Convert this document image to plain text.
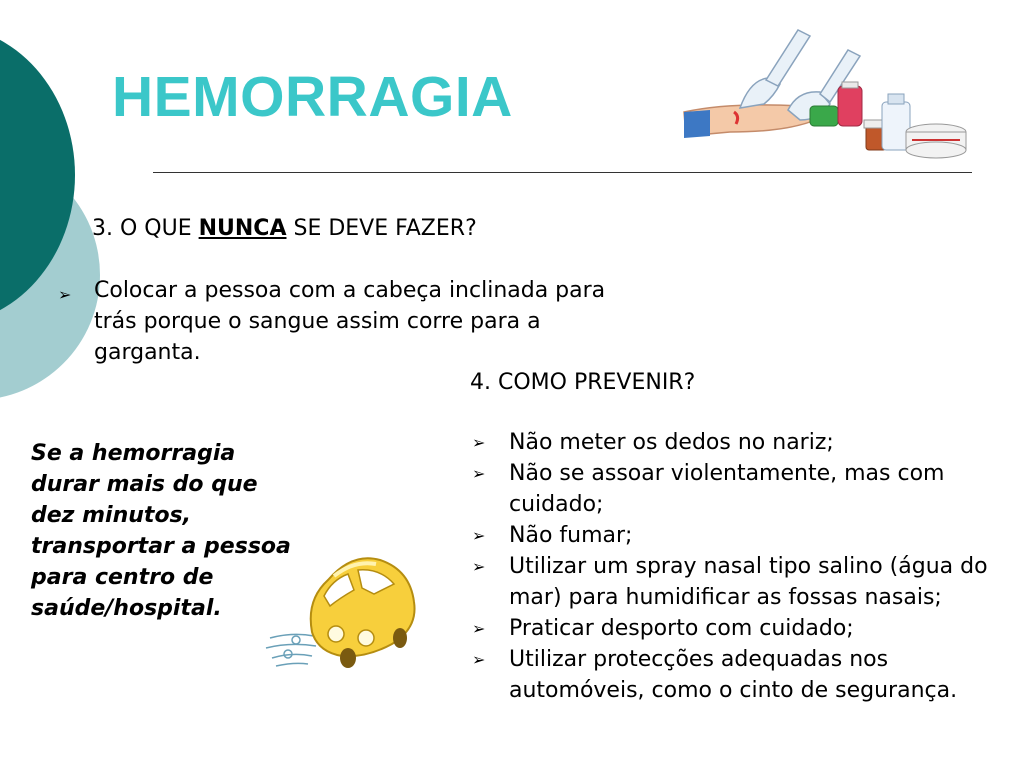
HEMORRAGIA
3. O QUE NUNCA SE DEVE FAZER?
➢ Colocar a pessoa com a cabeça inclinada para trás porque o sangue assim corre para a garganta.
4. COMO PREVENIR?
➢ Não meter os dedos no nariz;
➢ Não se assoar violentamente, mas com cuidado;
➢ Não fumar;
➢ Utilizar um spray nasal tipo salino (água do mar) para humidificar as fossas nasais;
➢ Praticar desporto com cuidado;
➢ Utilizar protecções adequadas nos automóveis, como o cinto de segurança.
Se a hemorragia durar mais do que dez minutos, transportar a pessoa para centro de saúde/hospital.
